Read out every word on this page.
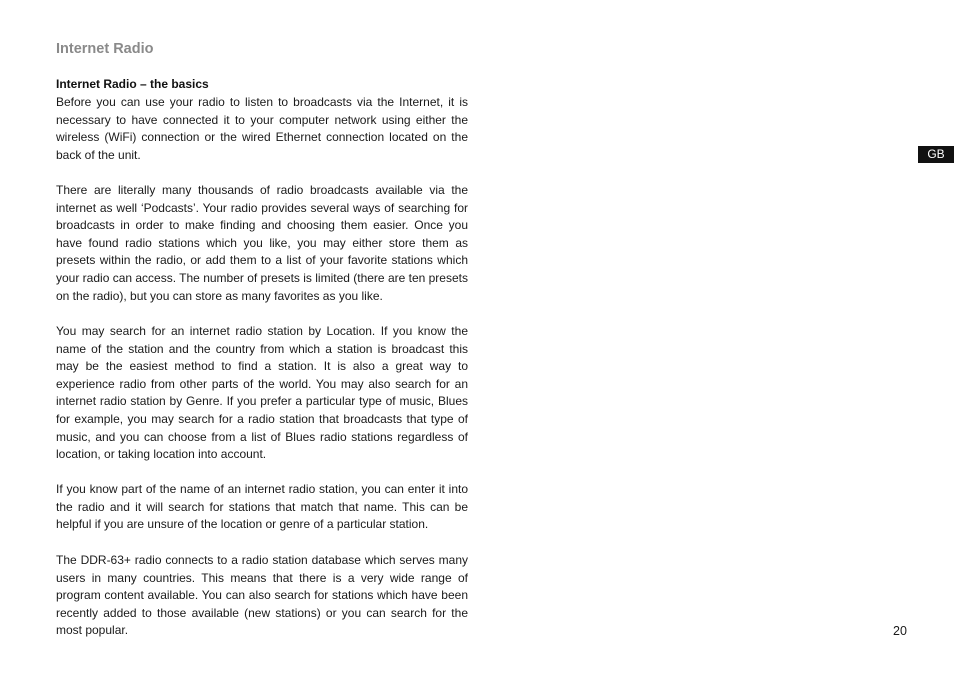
Internet Radio
Internet Radio – the basics

Before you can use your radio to listen to broadcasts via the Internet, it is necessary to have connected it to your computer network using either the wireless (WiFi) connection or the wired Ethernet connection located on the back of the unit.

There are literally many thousands of radio broadcasts available via the internet as well ‘Podcasts’. Your radio provides several ways of searching for broadcasts in order to make finding and choosing them easier. Once you have found radio stations which you like, you may either store them as presets within the radio, or add them to a list of your favorite stations which your radio can access. The number of presets is limited (there are ten presets on the radio), but you can store as many favorites as you like.

You may search for an internet radio station by Location. If you know the name of the station and the country from which a station is broadcast this may be the easiest method to find a station. It is also a great way to experience radio from other parts of the world. You may also search for an internet radio station by Genre. If you prefer a particular type of music, Blues for example, you may search for a radio station that broadcasts that type of music, and you can choose from a list of Blues radio stations regardless of location, or taking location into account.

If you know part of the name of an internet radio station, you can enter it into the radio and it will search for stations that match that name. This can be helpful if you are unsure of the location or genre of a particular station.

The DDR-63+ radio connects to a radio station database which serves many users in many countries. This means that there is a very wide range of program content available. You can also search for stations which have been recently added to those available (new stations) or you can search for the most popular.

GB
20
